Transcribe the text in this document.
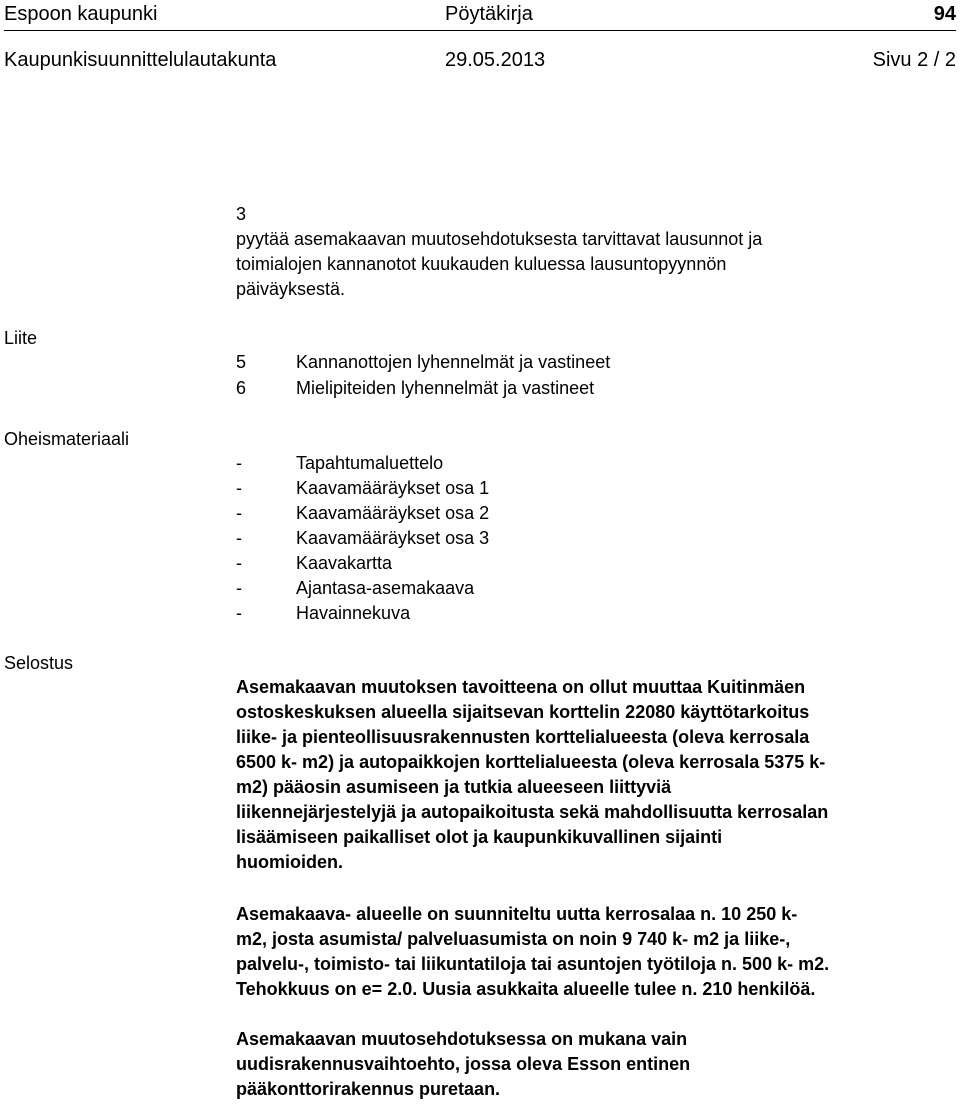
Espoon kaupunki	Pöytäkirja	94
Kaupunkisuunnittelulautakunta	29.05.2013	Sivu 2 / 2
3
pyytää asemakaavan muutosehdotuksesta tarvittavat lausunnot ja
toimialojen kannanotot kuukauden kuluessa lausuntopyynnön
päiväyksestä.
Liite
5	Kannanottojen lyhennelmät ja vastineet
6	Mielipiteiden lyhennelmät ja vastineet
Oheismateriaali
-	Tapahtumaluettelo
-	Kaavamääräykset osa 1
-	Kaavamääräykset osa 2
-	Kaavamääräykset osa 3
-	Kaavakartta
-	Ajantasa-asemakaava
-	Havainnekuva
Selostus
Asemakaavan muutoksen tavoitteena on ollut muuttaa Kuitinmäen
ostoskeskuksen alueella sijaitsevan korttelin 22080 käyttötarkoitus
liike- ja pienteollisuusrakennusten korttelialueesta (oleva kerrosala
6500 k- m2) ja autopaikkojen korttelialueesta (oleva kerrosala 5375 k-
m2) pääosin asumiseen ja tutkia alueeseen liittyviä
liikennejärjestelyjä ja autopaikoitusta sekä mahdollisuutta kerrosalan
lisäämiseen paikalliset olot ja kaupunkikuvallinen sijainti
huomioiden.
Asemakaava- alueelle on suunniteltu uutta kerrosalaa n. 10 250 k-
m2, josta asumista/ palveluasumista on noin 9 740 k- m2 ja liike-,
palvelu-, toimisto- tai liikuntatiloja tai asuntojen työtiloja n. 500 k- m2.
Tehokkuus on e= 2.0. Uusia asukkaita alueelle tulee n. 210 henkilöä.
Asemakaavan muutosehdotuksessa on mukana vain
uudisrakennusvaihtoehto, jossa oleva Esson entinen
pääkonttorirakennus puretaan.
